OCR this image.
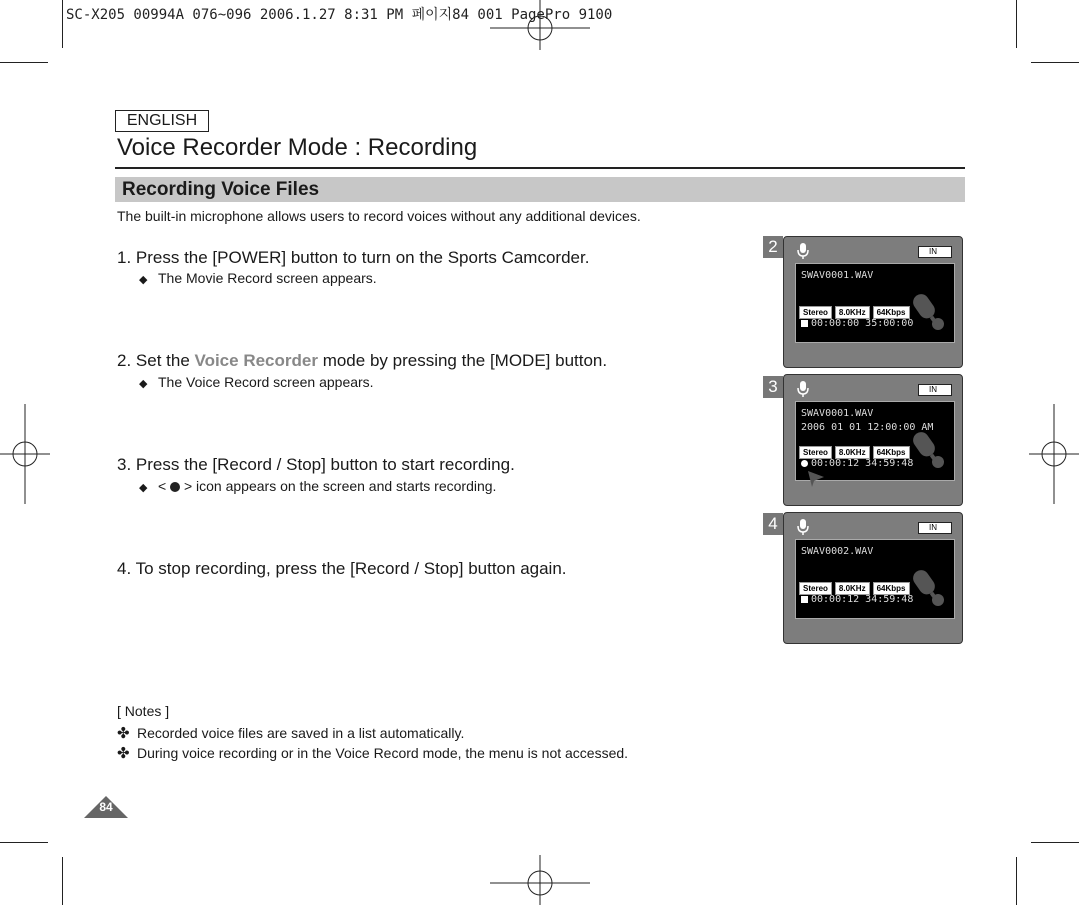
SC-X205 00994A 076~096 2006.1.27 8:31 PM 페이지84 001 PagePro 9100
ENGLISH
Voice Recorder Mode : Recording
Recording Voice Files
The built-in microphone allows users to record voices without any additional devices.
1. Press the [POWER] button to turn on the Sports Camcorder.
◆ The Movie Record screen appears.
2. Set the Voice Recorder mode by pressing the [MODE] button.
◆ The Voice Record screen appears.
3. Press the [Record / Stop] button to start recording.
◆ <  > icon appears on the screen and starts recording.
4. To stop recording, press the [Record / Stop] button again.
[ Notes ]
✤ Recorded voice files are saved in a list automatically.
✤ During voice recording or in the Voice Record mode, the menu is not accessed.
84
2	IN
SWAV0001.WAV
Stereo 8.0KHz 64Kbps
00:00:00 35:00:00
3	IN
SWAV0001.WAV
2006 01 01 12:00:00 AM
Stereo 8.0KHz 64Kbps
00:00:12 34:59:48
4	IN
SWAV0002.WAV
Stereo 8.0KHz 64Kbps
00:00:12 34:59:48
